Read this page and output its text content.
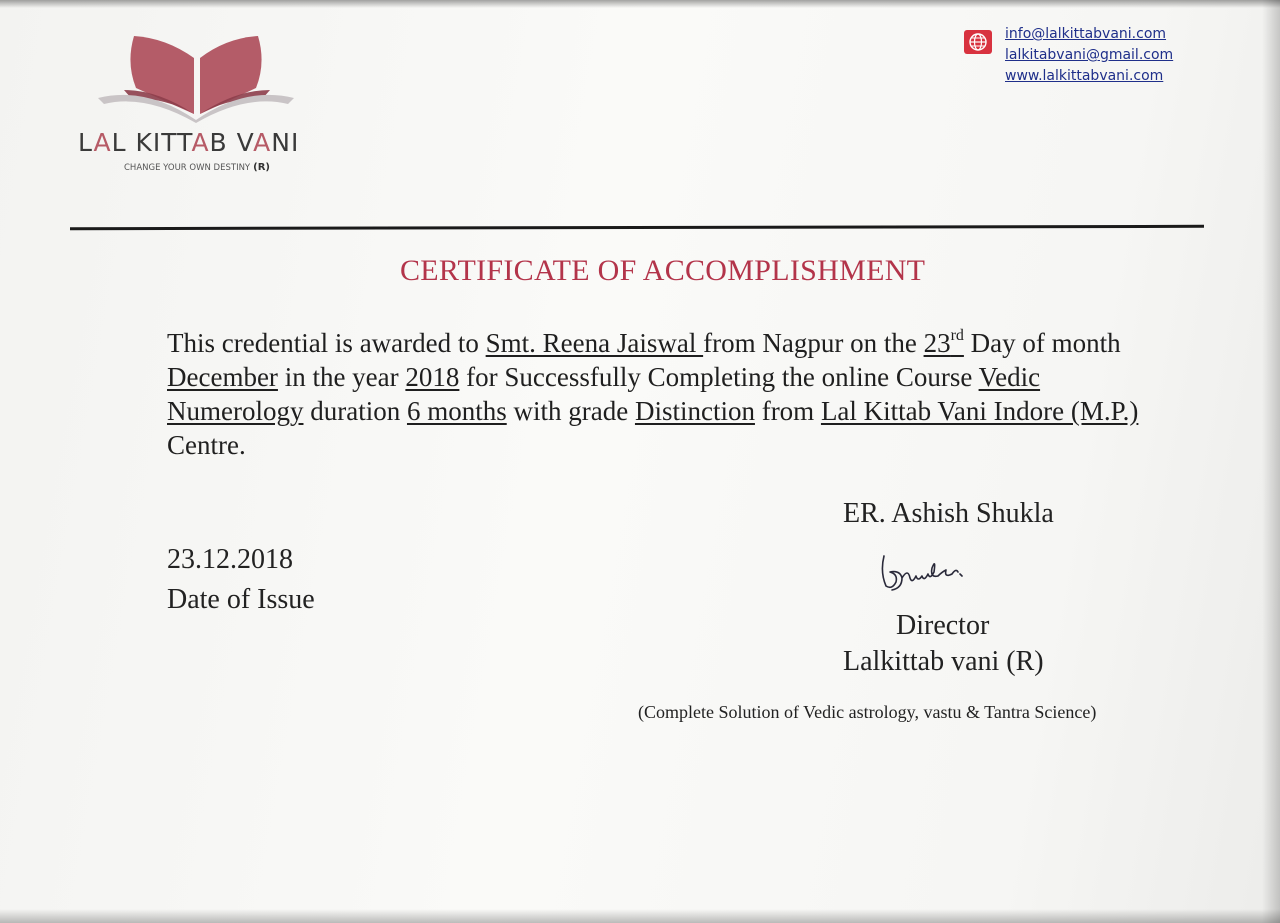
LAL KITTAB VANI
CHANGE YOUR OWN DESTINY (R)
info@lalkittabvani.com
lalkitabvani@gmail.com
www.lalkittabvani.com
CERTIFICATE OF ACCOMPLISHMENT
This credential is awarded to Smt. Reena Jaiswal from Nagpur on the 23rd Day of month December in the year 2018 for Successfully Completing the online Course Vedic Numerology duration 6 months with grade Distinction from Lal Kittab Vani Indore (M.P.) Centre.
23.12.2018
Date of Issue
ER. Ashish Shukla
Director
Lalkittab vani (R)
(Complete Solution of Vedic astrology, vastu & Tantra Science)
